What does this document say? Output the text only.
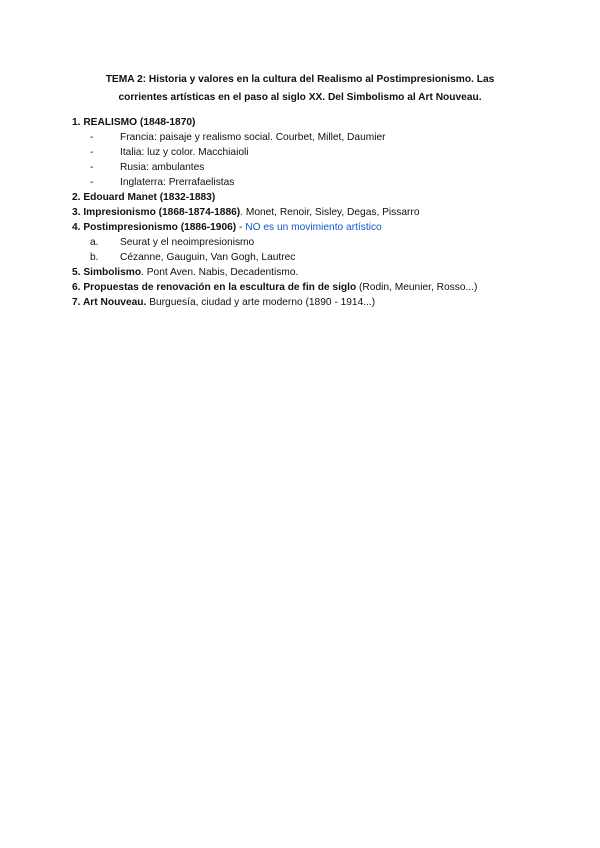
TEMA 2: Historia y valores en la cultura del Realismo al Postimpresionismo. Las
corrientes artísticas en el paso al siglo XX. Del Simbolismo al Art Nouveau.
1. REALISMO (1848-1870)
-	Francia: paisaje y realismo social. Courbet, Millet, Daumier
-	Italia: luz y color. Macchiaioli
-	Rusia: ambulantes
-	Inglaterra: Prerrafaelistas
2. Edouard Manet (1832-1883)
3. Impresionismo (1868-1874-1886). Monet, Renoir, Sisley, Degas, Pissarro
4. Postimpresionismo (1886-1906) - NO es un movimiento artístico
a. Seurat y el neoimpresionismo
b. Cézanne, Gauguin, Van Gogh, Lautrec
5. Simbolismo. Pont Aven. Nabis, Decadentismo.
6. Propuestas de renovación en la escultura de fin de siglo (Rodin, Meunier, Rosso...)
7. Art Nouveau. Burguesía, ciudad y arte moderno (1890 - 1914...)
